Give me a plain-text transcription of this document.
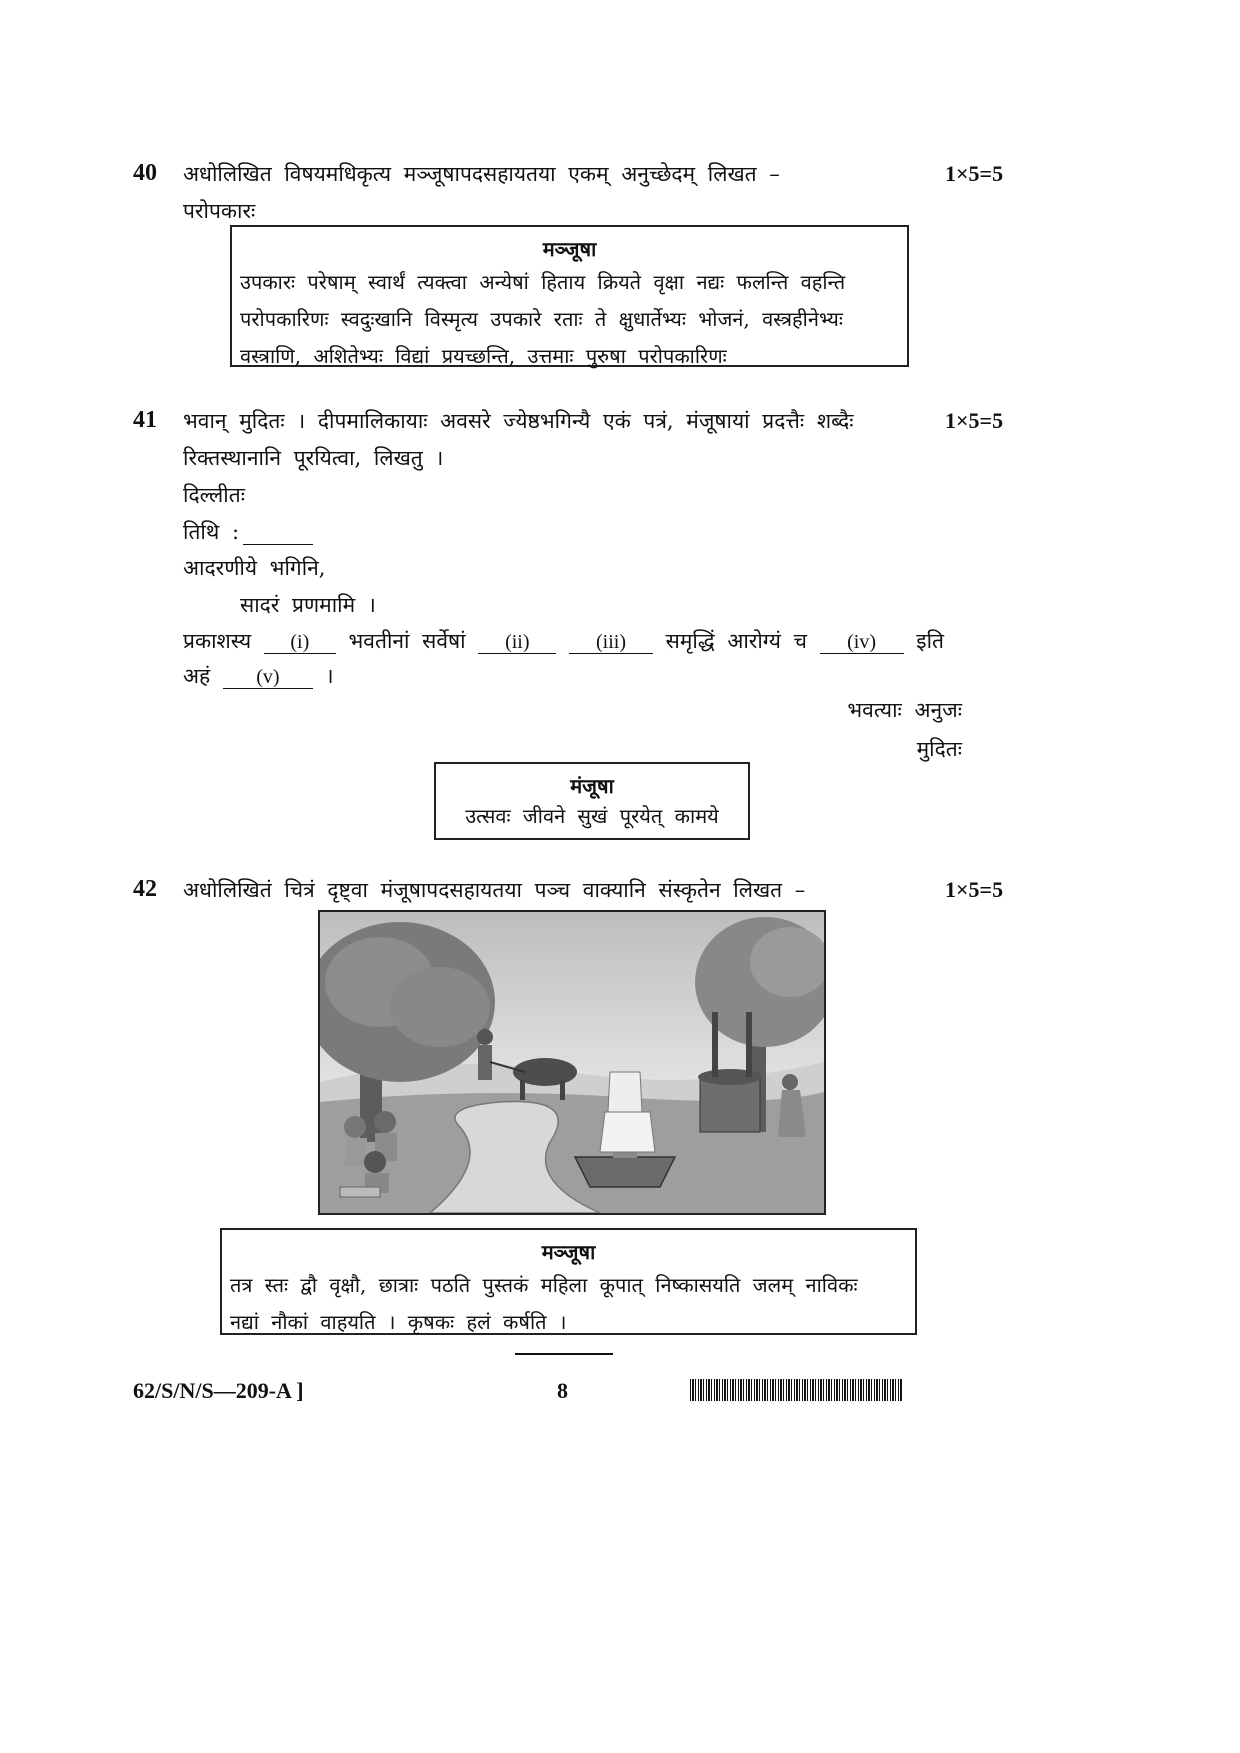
40 अधोलिखित विषयमधिकृत्य मञ्जूषापदसहायतया एकम् अनुच्छेदम् लिखत –	1×5=5
परोपकारः
मञ्जूषा
उपकारः परेषाम् स्वार्थं त्यक्त्वा अन्येषां हिताय क्रियते वृक्षा नद्यः फलन्ति वहन्ति
परोपकारिणः स्वदुःखानि विस्मृत्य उपकारे रताः ते क्षुधार्तेभ्यः भोजनं, वस्त्रहीनेभ्यः
वस्त्राणि, अशितेभ्यः विद्यां प्रयच्छन्ति, उत्तमाः पुरुषा परोपकारिणः
41 भवान् मुदितः । दीपमालिकायाः अवसरे ज्येष्ठभगिन्यै एकं पत्रं, मंजूषायां प्रदत्तैः शब्दैः	1×5=5
रिक्तस्थानानि पूरयित्वा, लिखतु ।
दिल्लीतः
तिथि :
आदरणीये भगिनि,
सादरं प्रणमामि ।
प्रकाशस्य (i) भवतीनां सर्वेषां (ii)	(iii) समृद्धिं आरोग्यं च (iv) इति
अहं (v) ।
भवत्याः अनुजः
मुदितः
मंजूषा
उत्सवः जीवने सुखं पूरयेत् कामये
42 अधोलिखितं चित्रं दृष्ट्वा मंजूषापदसहायतया पञ्च वाक्यानि संस्कृतेन लिखत –	1×5=5
मञ्जूषा
तत्र स्तः द्वौ वृक्षौ, छात्राः पठति पुस्तकं महिला कूपात् निष्कासयति जलम् नाविकः
नद्यां नौकां वाहयति । कृषकः हलं कर्षति ।
62/S/N/S—209-A ]	8
